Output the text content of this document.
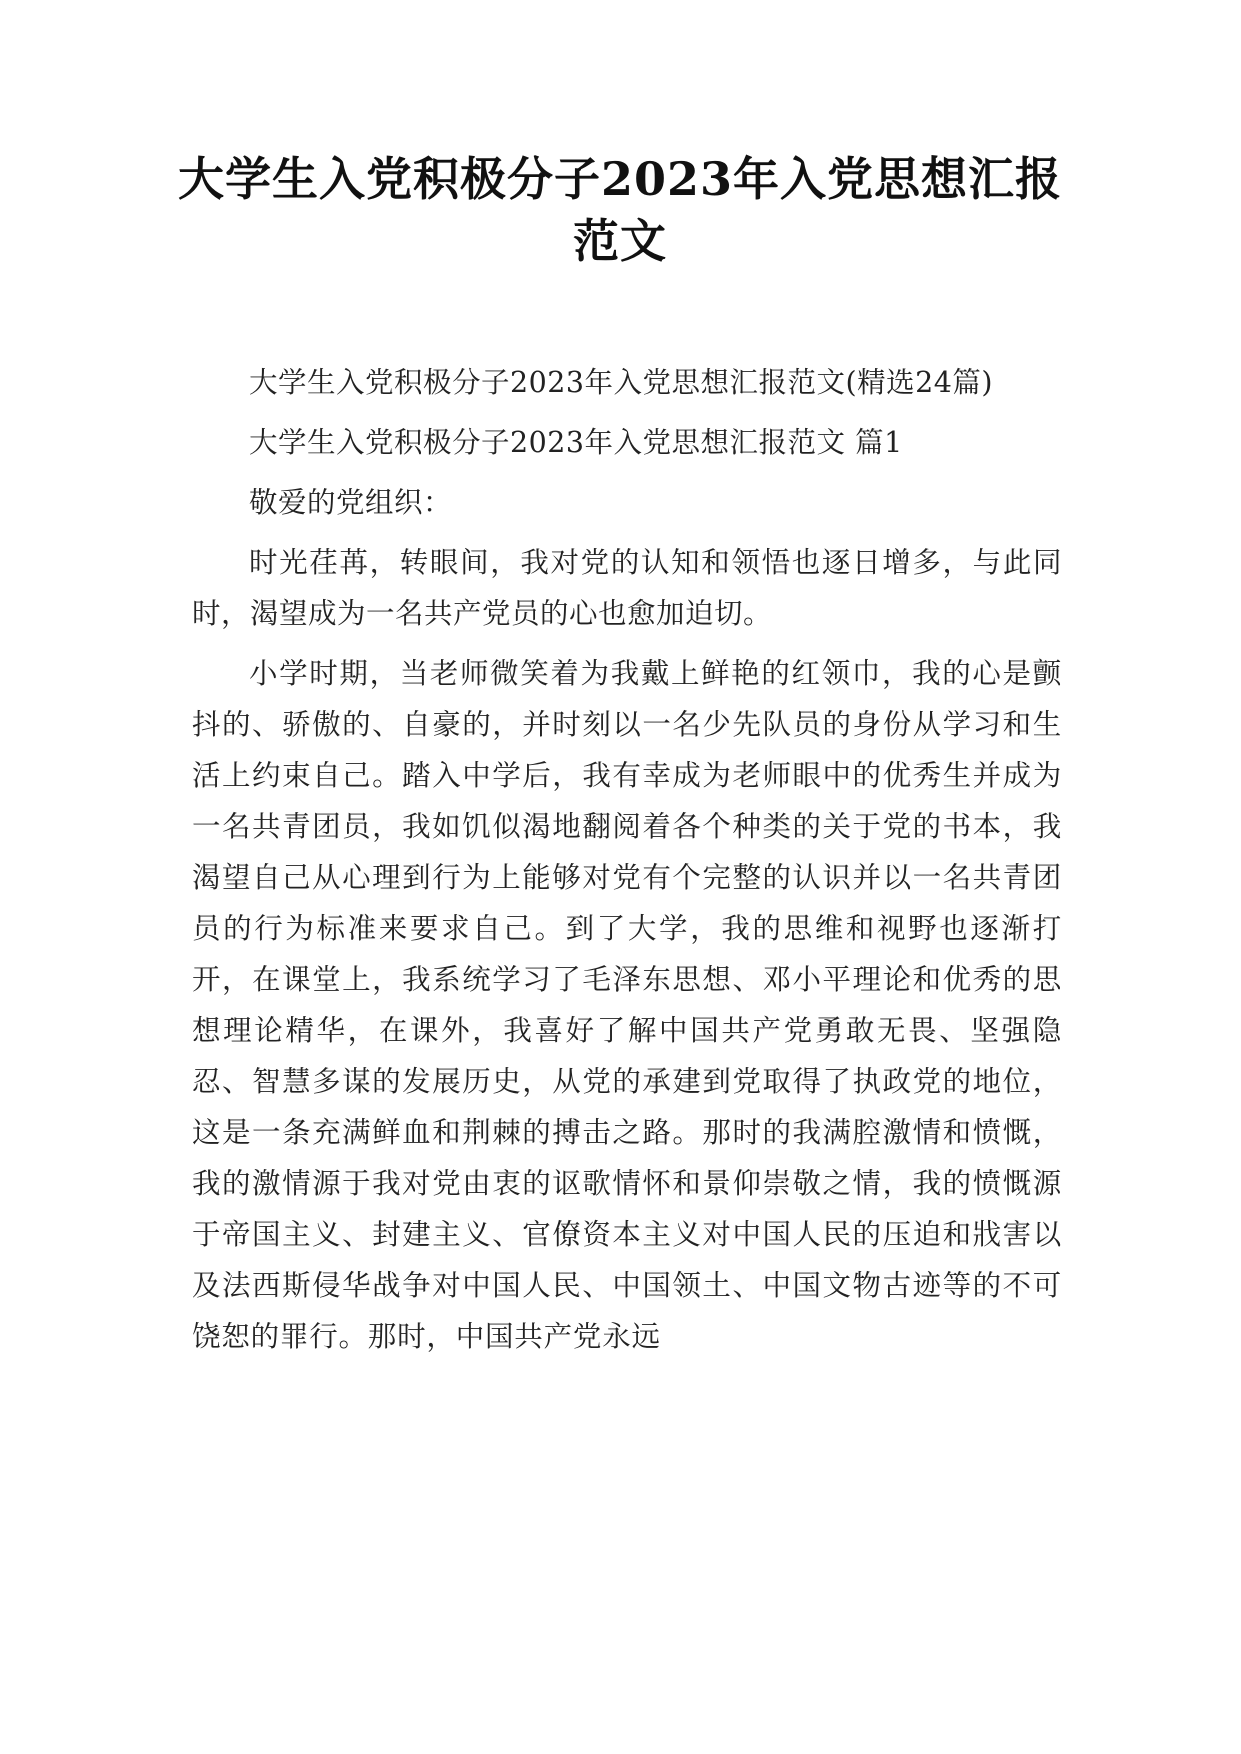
大学生入党积极分子2023年入党思想汇报
范文

大学生入党积极分子2023年入党思想汇报范文(精选24篇)

大学生入党积极分子2023年入党思想汇报范文 篇1

敬爱的党组织：

时光荏苒，转眼间，我对党的认知和领悟也逐日增多，与此同时，渴望成为一名共产党员的心也愈加迫切。

小学时期，当老师微笑着为我戴上鲜艳的红领巾，我的心是颤抖的、骄傲的、自豪的，并时刻以一名少先队员的身份从学习和生活上约束自己。踏入中学后，我有幸成为老师眼中的优秀生并成为一名共青团员，我如饥似渴地翻阅着各个种类的关于党的书本，我渴望自己从心理到行为上能够对党有个完整的认识并以一名共青团员的行为标准来要求自己。到了大学，我的思维和视野也逐渐打开，在课堂上，我系统学习了毛泽东思想、邓小平理论和优秀的思想理论精华，在课外，我喜好了解中国共产党勇敢无畏、坚强隐忍、智慧多谋的发展历史，从党的承建到党取得了执政党的地位，这是一条充满鲜血和荆棘的搏击之路。那时的我满腔激情和愤慨，我的激情源于我对党由衷的讴歌情怀和景仰崇敬之情，我的愤慨源于帝国主义、封建主义、官僚资本主义对中国人民的压迫和戕害以及法西斯侵华战争对中国人民、中国领土、中国文物古迹等的不可饶恕的罪行。那时，中国共产党永远
